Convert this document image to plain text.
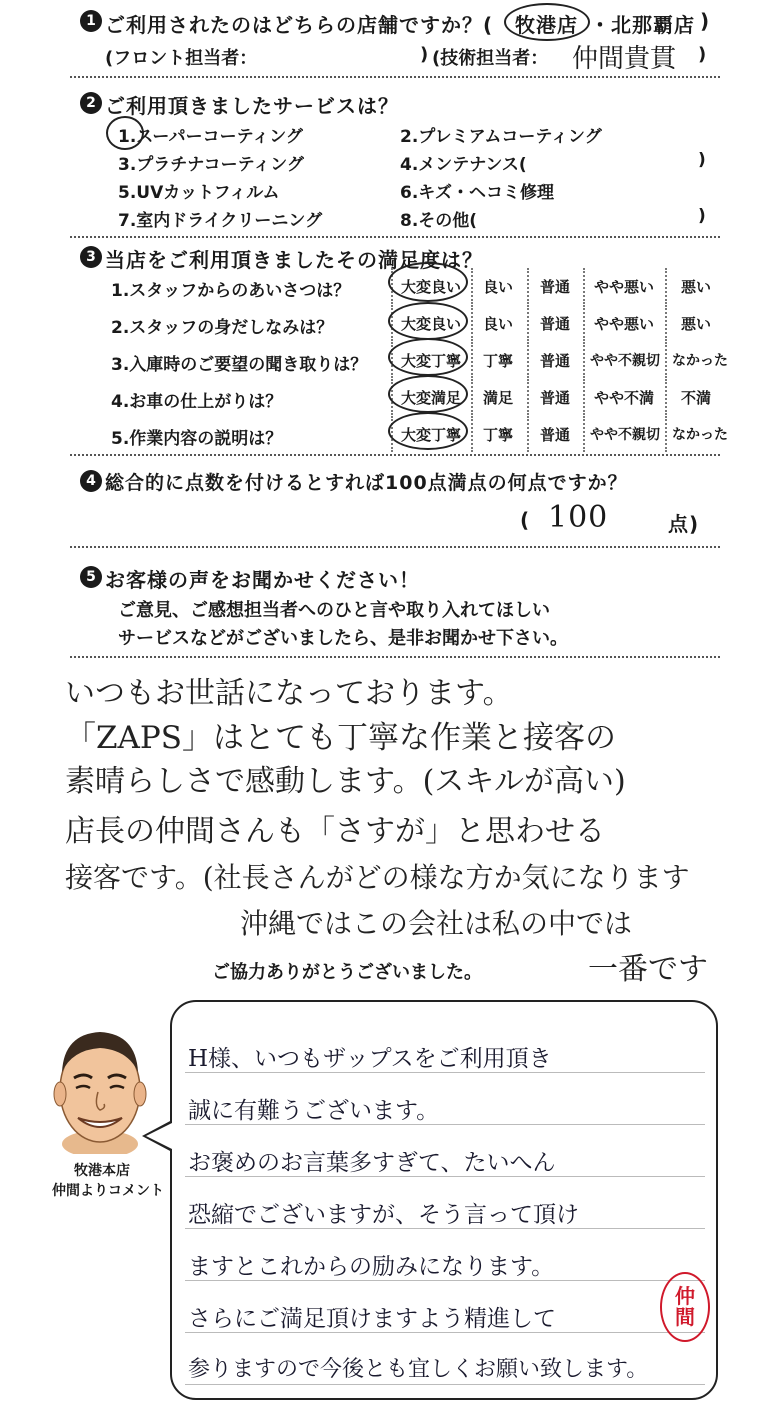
1 ご利用されたのはどちらの店舗ですか？( 牧港店 ・北那覇店 )
(フロント担当者：	) (技術担当者： 仲間貴貫 )
2 ご利用頂きましたサービスは？
1.スーパーコーティング	2.プレミアムコーティング
3.プラチナコーティング	4.メンテナンス(	)
5.UVカットフィルム	6.キズ・ヘコミ修理
7.室内ドライクリーニング	8.その他(	)
3 当店をご利用頂きましたその満足度は？
1.スタッフからのあいさつは？	大変良い	良い	普通	やや悪い	悪い
2.スタッフの身だしなみは？	大変良い	良い	普通	やや悪い	悪い
3.入庫時のご要望の聞き取りは？	大変丁寧	丁寧	普通	やや不親切 なかった
4.お車の仕上がりは？	大変満足	満足	普通	やや不満	不満
5.作業内容の説明は？	大変丁寧	丁寧	普通	やや不親切 なかった
4 総合的に点数を付けるとすれば100点満点の何点ですか？
( 100	点)
5 お客様の声をお聞かせください！
ご意見、ご感想担当者へのひと言や取り入れてほしい
サービスなどがございましたら、是非お聞かせ下さい。
いつもお世話になっております。
「ZAPS」はとても丁寧な作業と接客の
素晴らしさで感動します。(スキルが高い)
店長の仲間さんも「さすが」と思わせる
接客です。(社長さんがどの様な方か気になります
沖縄ではこの会社は私の中では
ご協力ありがとうございました。	一番です
牧港本店
仲間よりコメント
H様、いつもザップスをご利用頂き
誠に有難うございます。
お褒めのお言葉多すぎて、たいへん
恐縮でございますが、そう言って頂け
ますとこれからの励みになります。
さらにご満足頂けますよう精進して
参りますので今後とも宜しくお願い致します。
仲
間
